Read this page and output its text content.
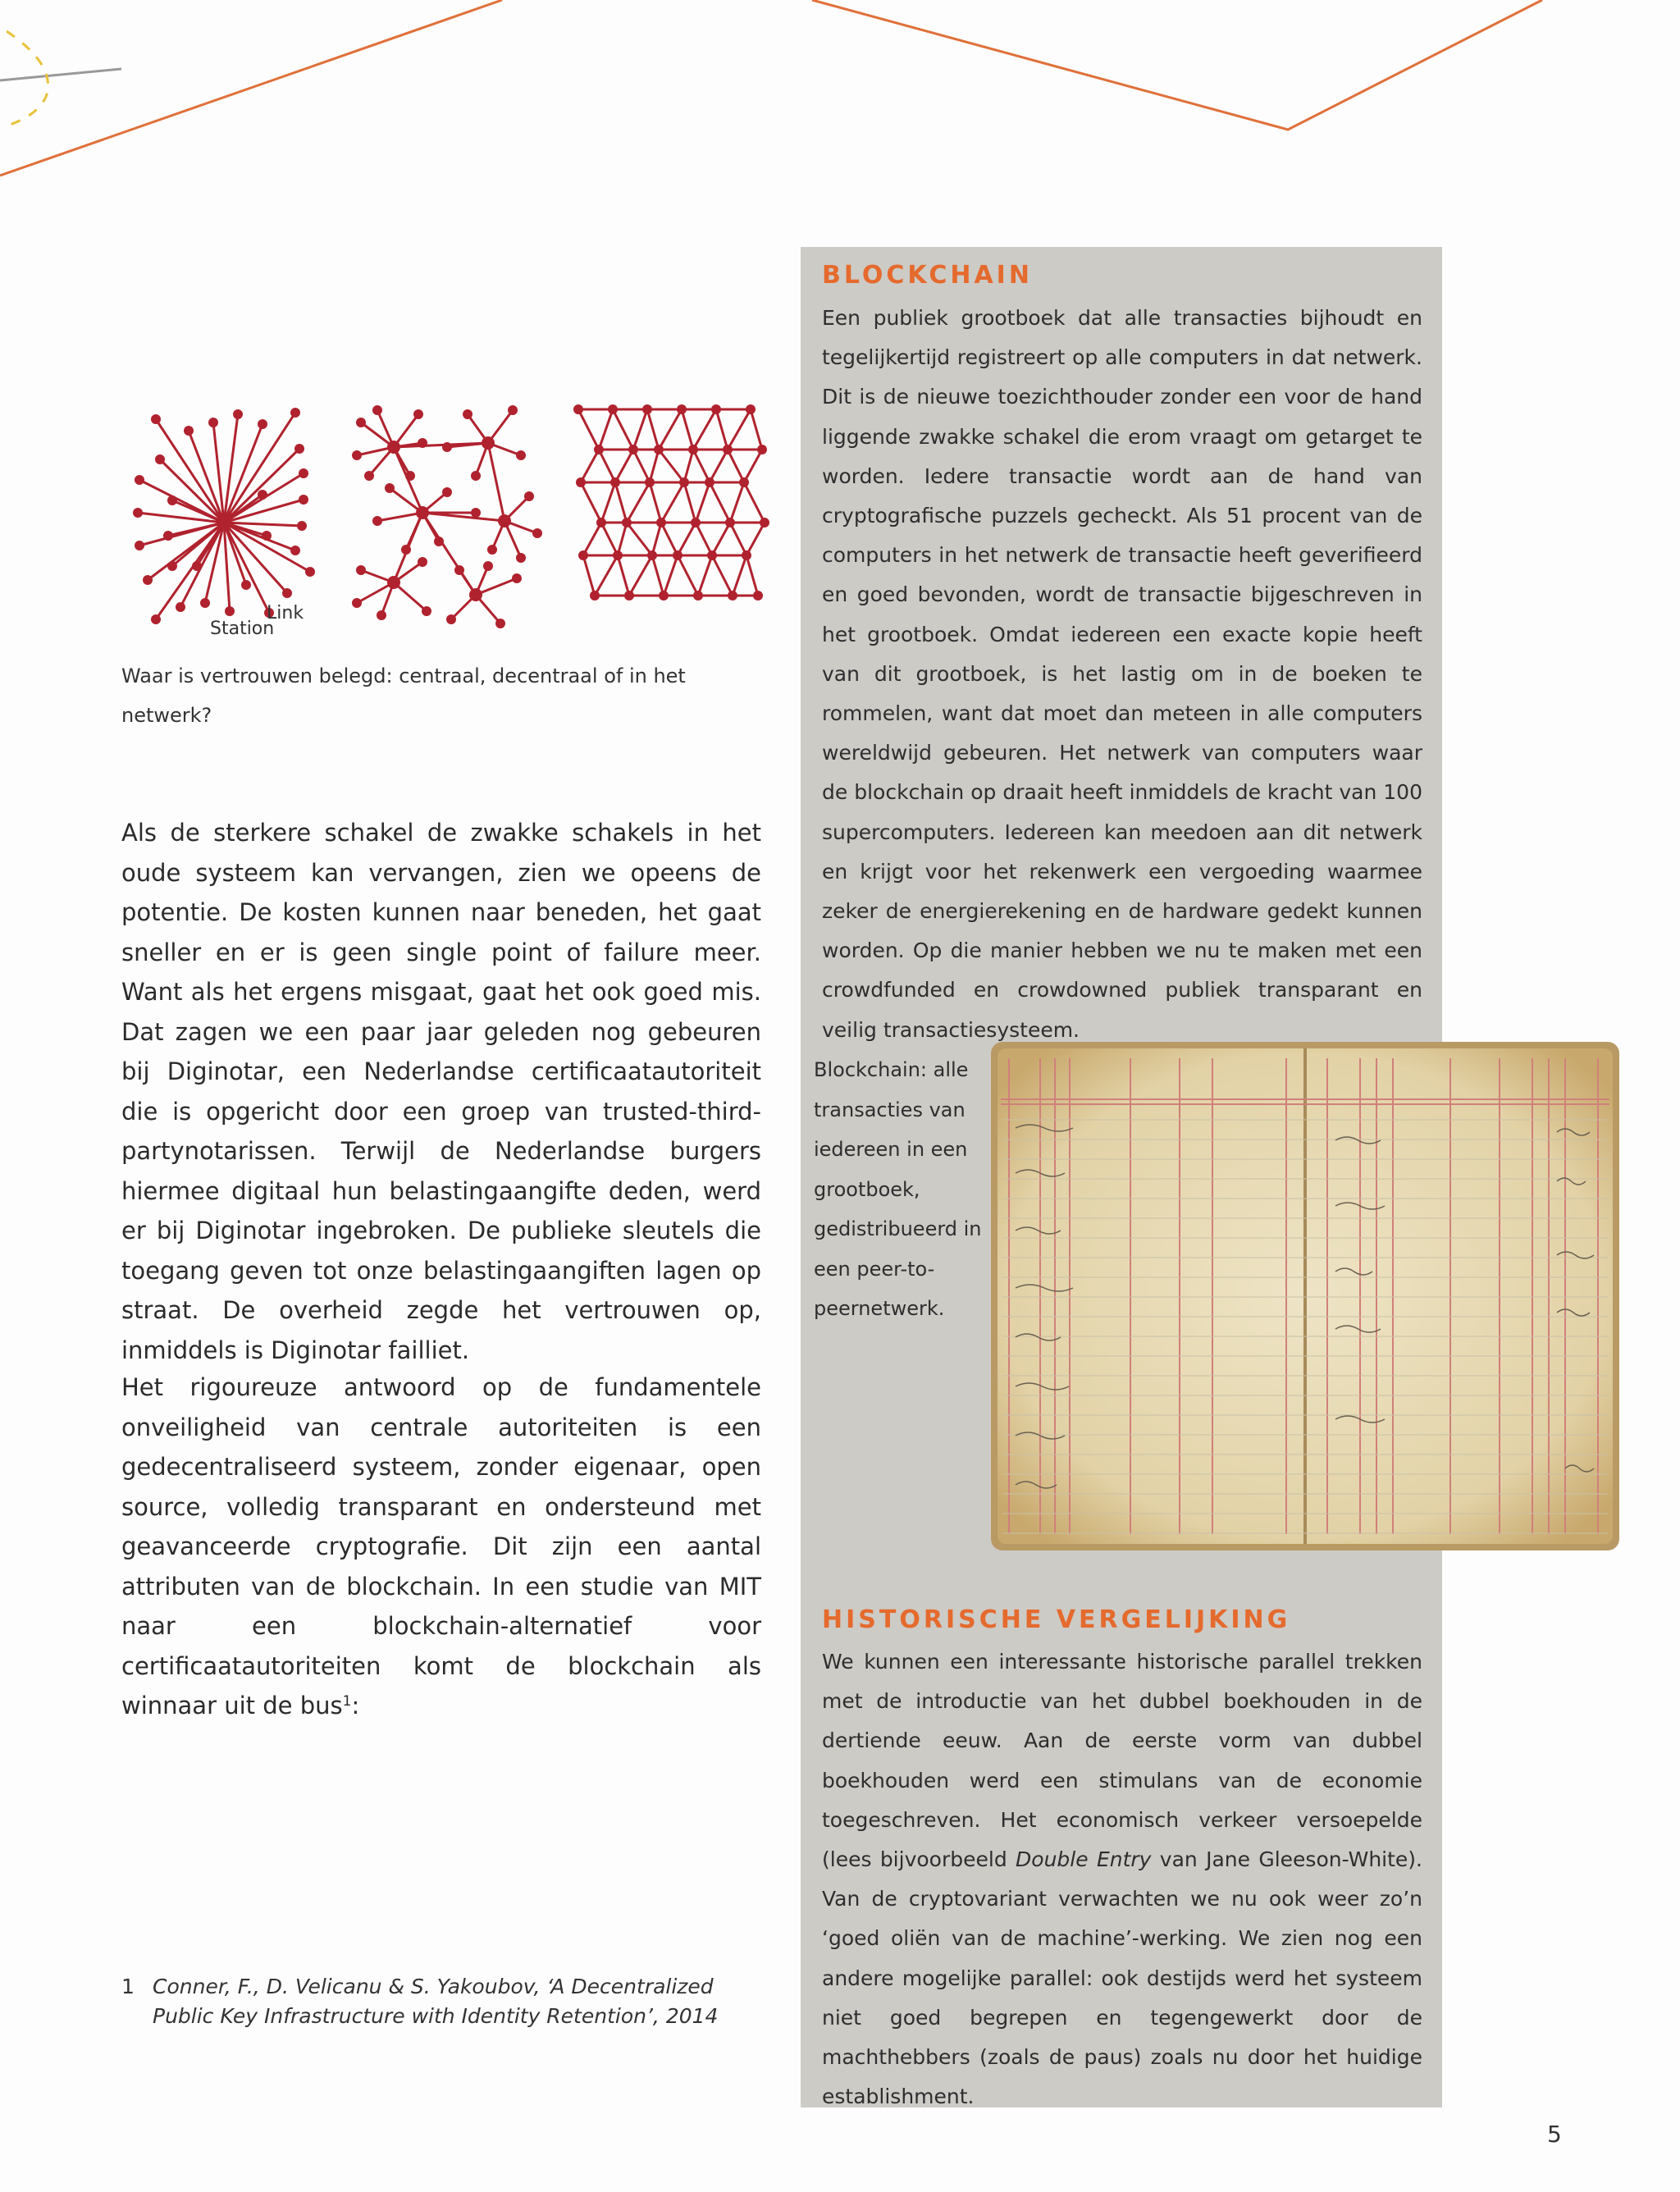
Link
Station

Waar is vertrouwen belegd: centraal, decentraal of in het netwerk?

Als de sterkere schakel de zwakke schakels in het oude systeem kan vervangen, zien we opeens de potentie. De kosten kunnen naar beneden, het gaat sneller en er is geen single point of failure meer. Want als het ergens misgaat, gaat het ook goed mis. Dat zagen we een paar jaar geleden nog gebeuren bij Diginotar, een Nederlandse certificaatautoriteit die is opgericht door een groep van trusted-third-partynotarissen. Terwijl de Nederlandse burgers hiermee digitaal hun belastingaangifte deden, werd er bij Diginotar ingebroken. De publieke sleutels die toegang geven tot onze belastingaangiften lagen op straat. De overheid zegde het vertrouwen op, inmiddels is Diginotar failliet.

Het rigoureuze antwoord op de fundamentele onveiligheid van centrale autoriteiten is een gedecentraliseerd systeem, zonder eigenaar, open source, volledig transparant en ondersteund met geavanceerde cryptografie. Dit zijn een aantal attributen van de blockchain. In een studie van MIT naar een blockchain-alternatief voor certificaatautoriteiten komt de blockchain als winnaar uit de bus$^1$:

1 Conner, F., D. Velicanu & S. Yakoubov, ‘A Decentralized Public Key Infrastructure with Identity Retention’, 2014

BLOCKCHAIN

Een publiek grootboek dat alle transacties bijhoudt en tegelijkertijd registreert op alle computers in dat netwerk. Dit is de nieuwe toezichthouder zonder een voor de hand liggende zwakke schakel die erom vraagt om getarget te worden. Iedere transactie wordt aan de hand van cryptografische puzzels gecheckt. Als 51 procent van de computers in het netwerk de transactie heeft geverifieerd en goed bevonden, wordt de transactie bijgeschreven in het grootboek. Omdat iedereen een exacte kopie heeft van dit grootboek, is het lastig om in de boeken te rommelen, want dat moet dan meteen in alle computers wereldwijd gebeuren. Het netwerk van computers waar de blockchain op draait heeft inmiddels de kracht van 100 supercomputers. Iedereen kan meedoen aan dit netwerk en krijgt voor het rekenwerk een vergoeding waarmee zeker de energierekening en de hardware gedekt kunnen worden. Op die manier hebben we nu te maken met een crowdfunded en crowdowned publiek transparant en veilig transactiesysteem.

Blockchain: alle transacties van iedereen in een grootboek, gedistribueerd in een peer-to-peernetwerk.

HISTORISCHE VERGELIJKING

We kunnen een interessante historische parallel trekken met de introductie van het dubbel boekhouden in de dertiende eeuw. Aan de eerste vorm van dubbel boekhouden werd een stimulans van de economie toegeschreven. Het economisch verkeer versoepelde (lees bijvoorbeeld Double Entry van Jane Gleeson-White). Van de cryptovariant verwachten we nu ook weer zo’n ‘goed oliën van de machine’-werking. We zien nog een andere mogelijke parallel: ook destijds werd het systeem niet goed begrepen en tegengewerkt door de machthebbers (zoals de paus) zoals nu door het huidige establishment.

5
